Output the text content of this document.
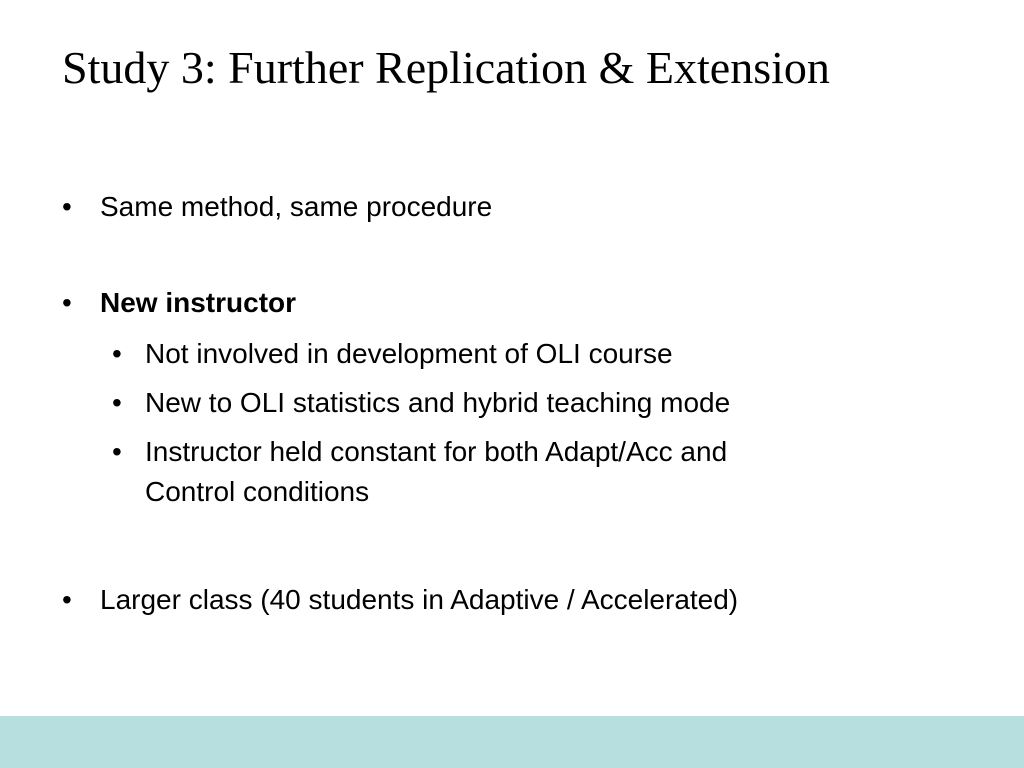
Study 3: Further Replication & Extension
• Same method, same procedure
• New instructor
• Not involved in development of OLI course
• New to OLI statistics and hybrid teaching mode
• Instructor held constant for both Adapt/Acc and
Control conditions
• Larger class (40 students in Adaptive / Accelerated)
